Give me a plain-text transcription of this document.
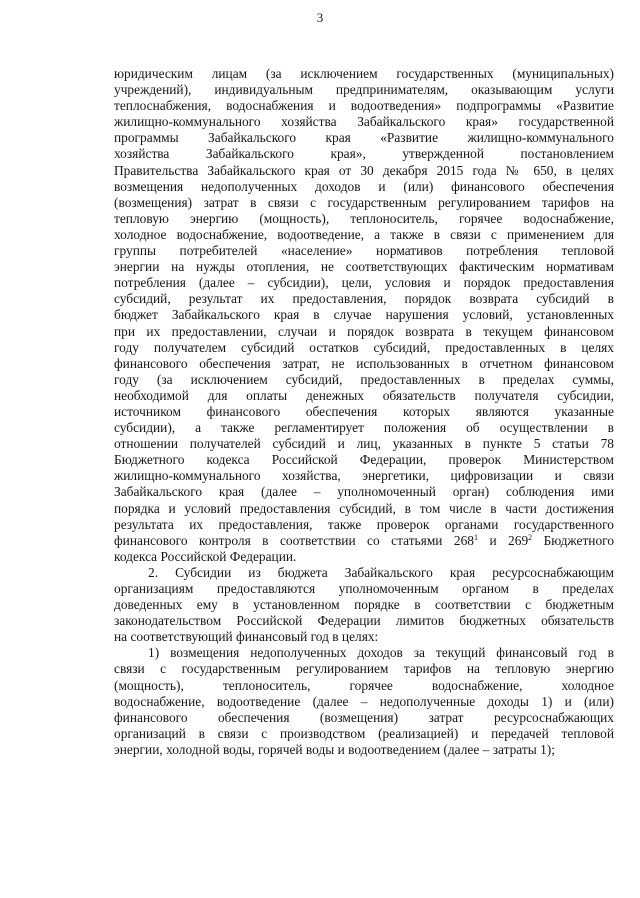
3
юридическим лицам (за исключением государственных (муниципальных)
учреждений), индивидуальным предпринимателям, оказывающим услуги
теплоснабжения, водоснабжения и водоотведения» подпрограммы «Развитие
жилищно-коммунального хозяйства Забайкальского края» государственной
программы Забайкальского края «Развитие жилищно-коммунального
хозяйства Забайкальского края», утвержденной постановлением
Правительства Забайкальского края от 30 декабря 2015 года № 650, в целях
возмещения недополученных доходов и (или) финансового обеспечения
(возмещения) затрат в связи с государственным регулированием тарифов на
тепловую энергию (мощность), теплоноситель, горячее водоснабжение,
холодное водоснабжение, водоотведение, а также в связи с применением для
группы потребителей «население» нормативов потребления тепловой
энергии на нужды отопления, не соответствующих фактическим нормативам
потребления (далее – субсидии), цели, условия и порядок предоставления
субсидий, результат их предоставления, порядок возврата субсидий в
бюджет Забайкальского края в случае нарушения условий, установленных
при их предоставлении, случаи и порядок возврата в текущем финансовом
году получателем субсидий остатков субсидий, предоставленных в целях
финансового обеспечения затрат, не использованных в отчетном финансовом
году (за исключением субсидий, предоставленных в пределах суммы,
необходимой для оплаты денежных обязательств получателя субсидии,
источником финансового обеспечения которых являются указанные
субсидии), а также регламентирует положения об осуществлении в
отношении получателей субсидий и лиц, указанных в пункте 5 статьи 78
Бюджетного кодекса Российской Федерации, проверок Министерством
жилищно-коммунального хозяйства, энергетики, цифровизации и связи
Забайкальского края (далее – уполномоченный орган) соблюдения ими
порядка и условий предоставления субсидий, в том числе в части достижения
результата их предоставления, также проверок органами государственного
финансового контроля в соответствии со статьями $268^1$ и $269^2$ Бюджетного
кодекса Российской Федерации.
2. Субсидии из бюджета Забайкальского края ресурсоснабжающим
организациям предоставляются уполномоченным органом в пределах
доведенных ему в установленном порядке в соответствии с бюджетным
законодательством Российской Федерации лимитов бюджетных обязательств
на соответствующий финансовый год в целях:
1) возмещения недополученных доходов за текущий финансовый год в
связи с государственным регулированием тарифов на тепловую энергию
(мощность), теплоноситель, горячее водоснабжение, холодное
водоснабжение, водоотведение (далее – недополученные доходы 1) и (или)
финансового обеспечения (возмещения) затрат ресурсоснабжающих
организаций в связи с производством (реализацией) и передачей тепловой
энергии, холодной воды, горячей воды и водоотведением (далее – затраты 1);
